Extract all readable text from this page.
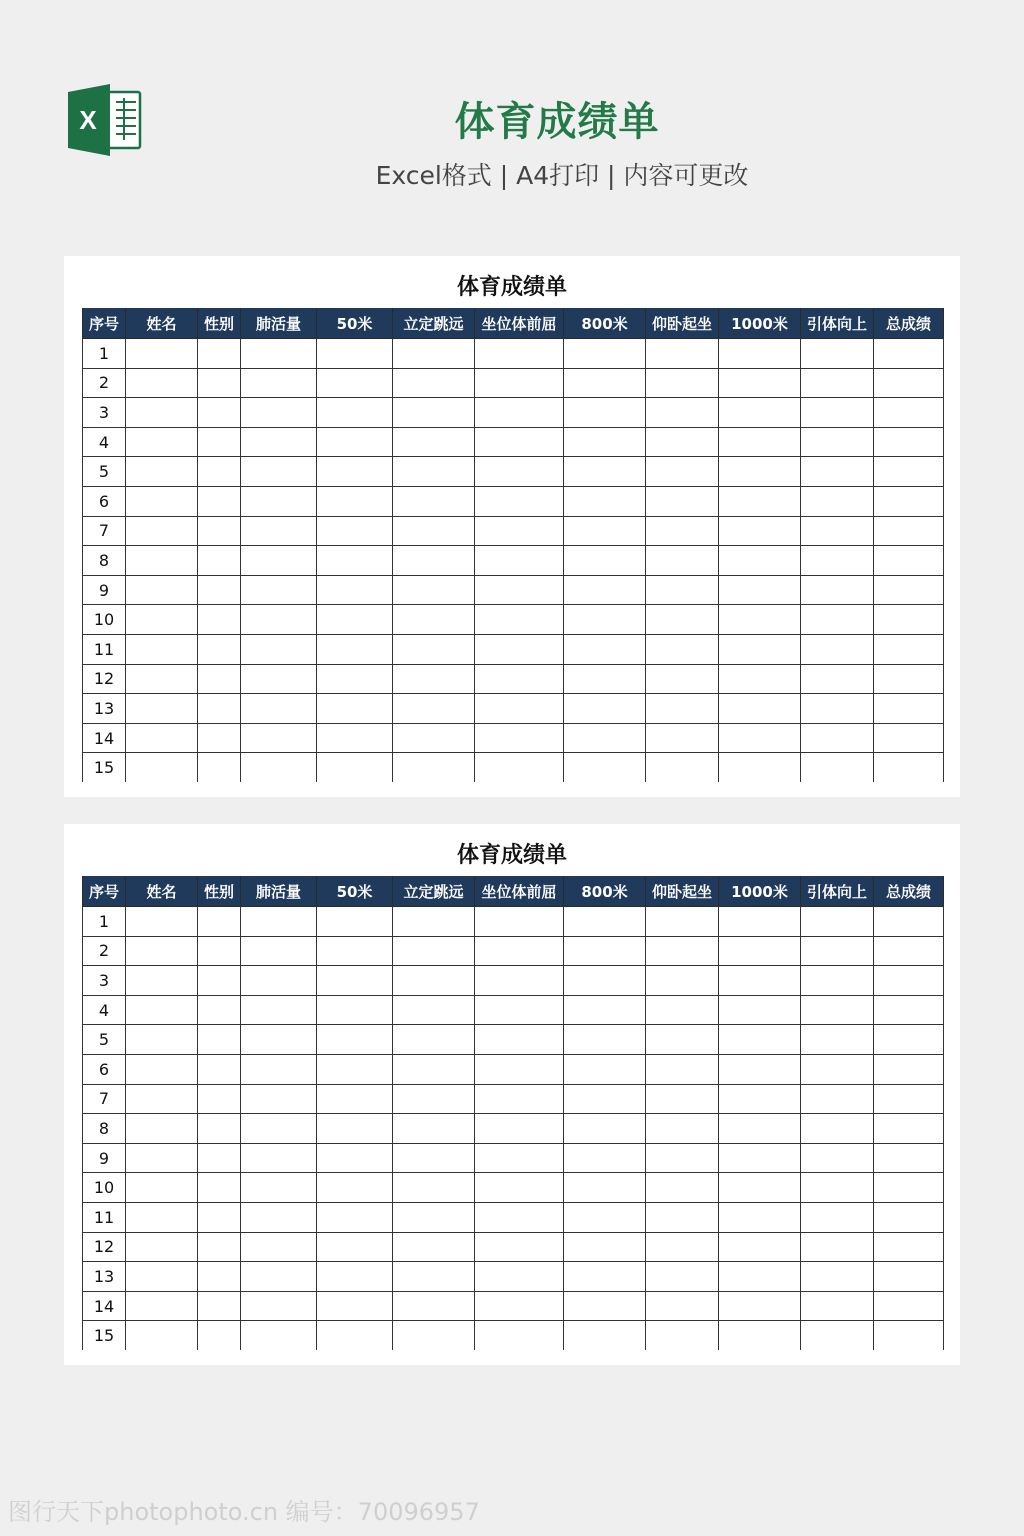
X	体育成绩单
Excel格式 | A4打印 | 内容可更改
体育成绩单
序号	姓名	性别	肺活量	50米	立定跳远	坐位体前屈	800米	仰卧起坐	1000米	引体向上	总成绩
1											
2											
3											
4											
5											
6											
7											
8											
9											
10											
11											
12											
13											
14											
15											
体育成绩单
序号	姓名	性别	肺活量	50米	立定跳远	坐位体前屈	800米	仰卧起坐	1000米	引体向上	总成绩
1											
2											
3											
4											
5											
6											
7											
8											
9											
10											
11											
12											
13											
14											
15											
图行天下photophoto.cn 编号：70096957
